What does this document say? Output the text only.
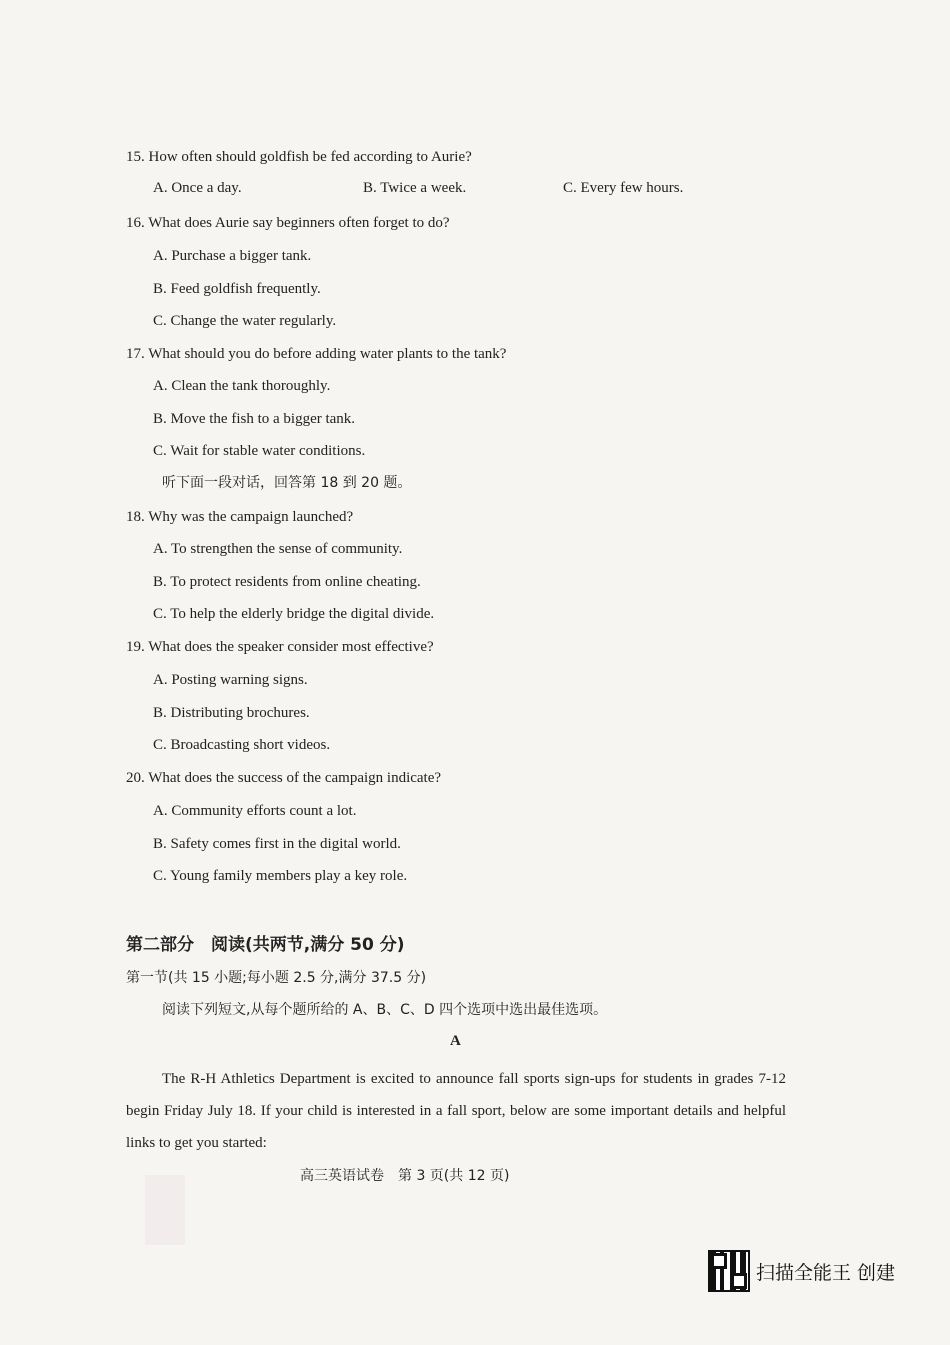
15. How often should goldfish be fed according to Aurie?
A. Once a day.	B. Twice a week.	C. Every few hours.
16. What does Aurie say beginners often forget to do?
A. Purchase a bigger tank.
B. Feed goldfish frequently.
C. Change the water regularly.
17. What should you do before adding water plants to the tank?
A. Clean the tank thoroughly.
B. Move the fish to a bigger tank.
C. Wait for stable water conditions.
听下面一段对话，回答第 18 到 20 题。
18. Why was the campaign launched?
A. To strengthen the sense of community.
B. To protect residents from online cheating.
C. To help the elderly bridge the digital divide.
19. What does the speaker consider most effective?
A. Posting warning signs.
B. Distributing brochures.
C. Broadcasting short videos.
20. What does the success of the campaign indicate?
A. Community efforts count a lot.
B. Safety comes first in the digital world.
C. Young family members play a key role.
第二部分　阅读(共两节,满分 50 分)
第一节(共 15 小题;每小题 2.5 分,满分 37.5 分)
阅读下列短文,从每个题所给的 A、B、C、D 四个选项中选出最佳选项。
A
The R-H Athletics Department is excited to announce fall sports sign-ups for students in grades 7-12 begin Friday July 18. If your child is interested in a fall sport, below are some important details and helpful links to get you started:
高三英语试卷　第 3 页(共 12 页)
扫描全能王 创建
